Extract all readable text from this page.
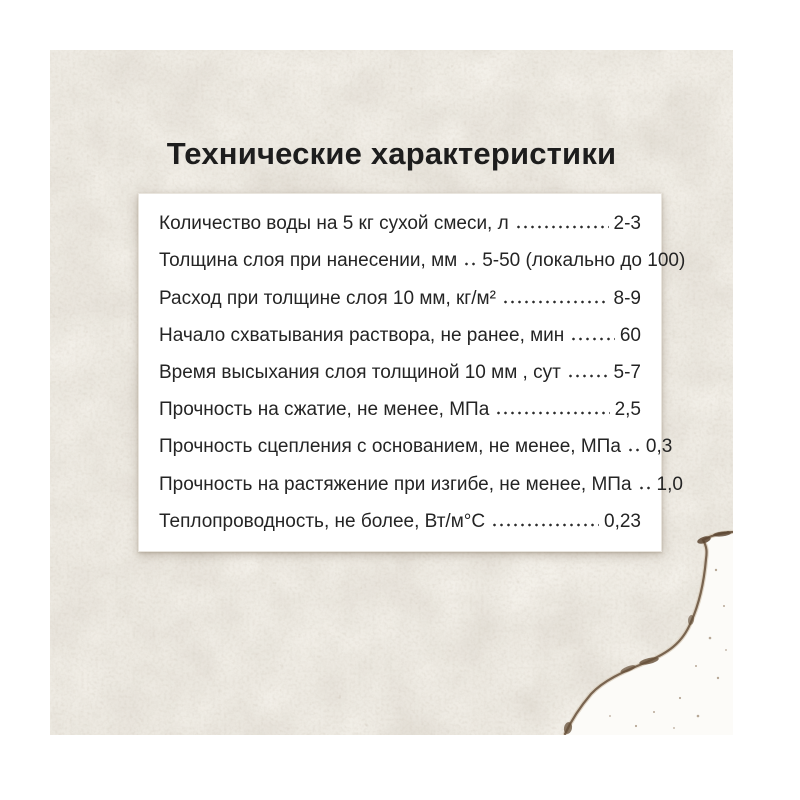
Технические характеристики
Количество воды на 5 кг сухой смеси, л	2-3
Толщина слоя при нанесении, мм 5-50 (локально до 100)
Расход при толщине слоя 10 мм, кг/м²	8-9
Начало схватывания раствора, не ранее, мин	60
Время высыхания слоя толщиной 10 мм , сут	5-7
Прочность на сжатие, не менее, МПа	2,5
Прочность сцепления с основанием, не менее, МПа 0,3
Прочность на растяжение при изгибе, не менее, МПа 1,0
Теплопроводность, не более, Вт/м°С	0,23
